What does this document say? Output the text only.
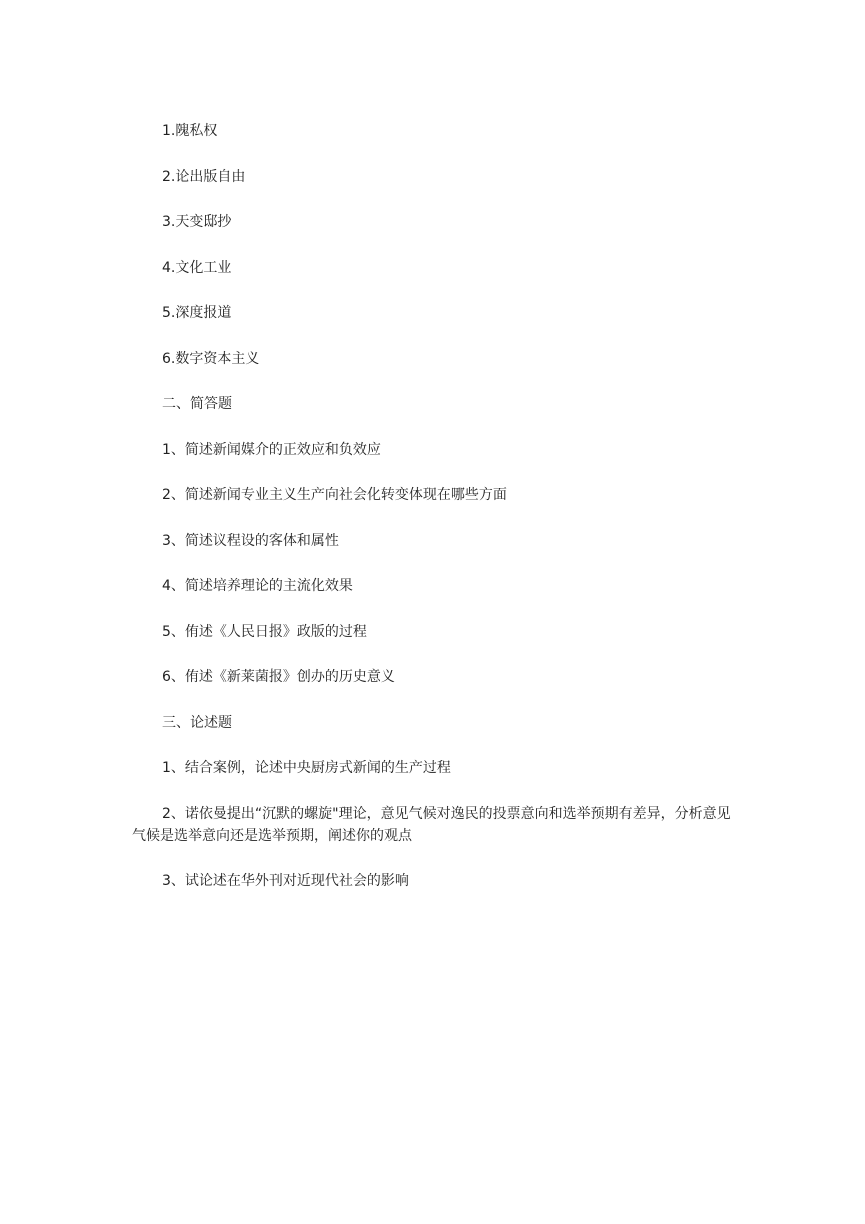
1.隗私权

2.论出版自由

3.天变邸抄

4.文化工业

5.深度报道

6.数字资本主义

二、简答题

1、简述新闻媒介的正效应和负效应

2、简述新闻专业主义生产向社会化转变体现在哪些方面

3、简述议程设的客体和属性

4、简述培养理论的主流化效果

5、侑述《人民日报》政版的过程

6、侑述《新莱菌报》创办的历史意义

三、论述题

1、结合案例，论述中央厨房式新闻的生产过程

2、诺依曼提出“沉默的螺旋"理论，意见气候对逸民的投票意向和选举预期有差异，分析意见气候是选举意向还是选举预期，阐述你的观点

3、试论述在华外刊对近现代社会的影响
